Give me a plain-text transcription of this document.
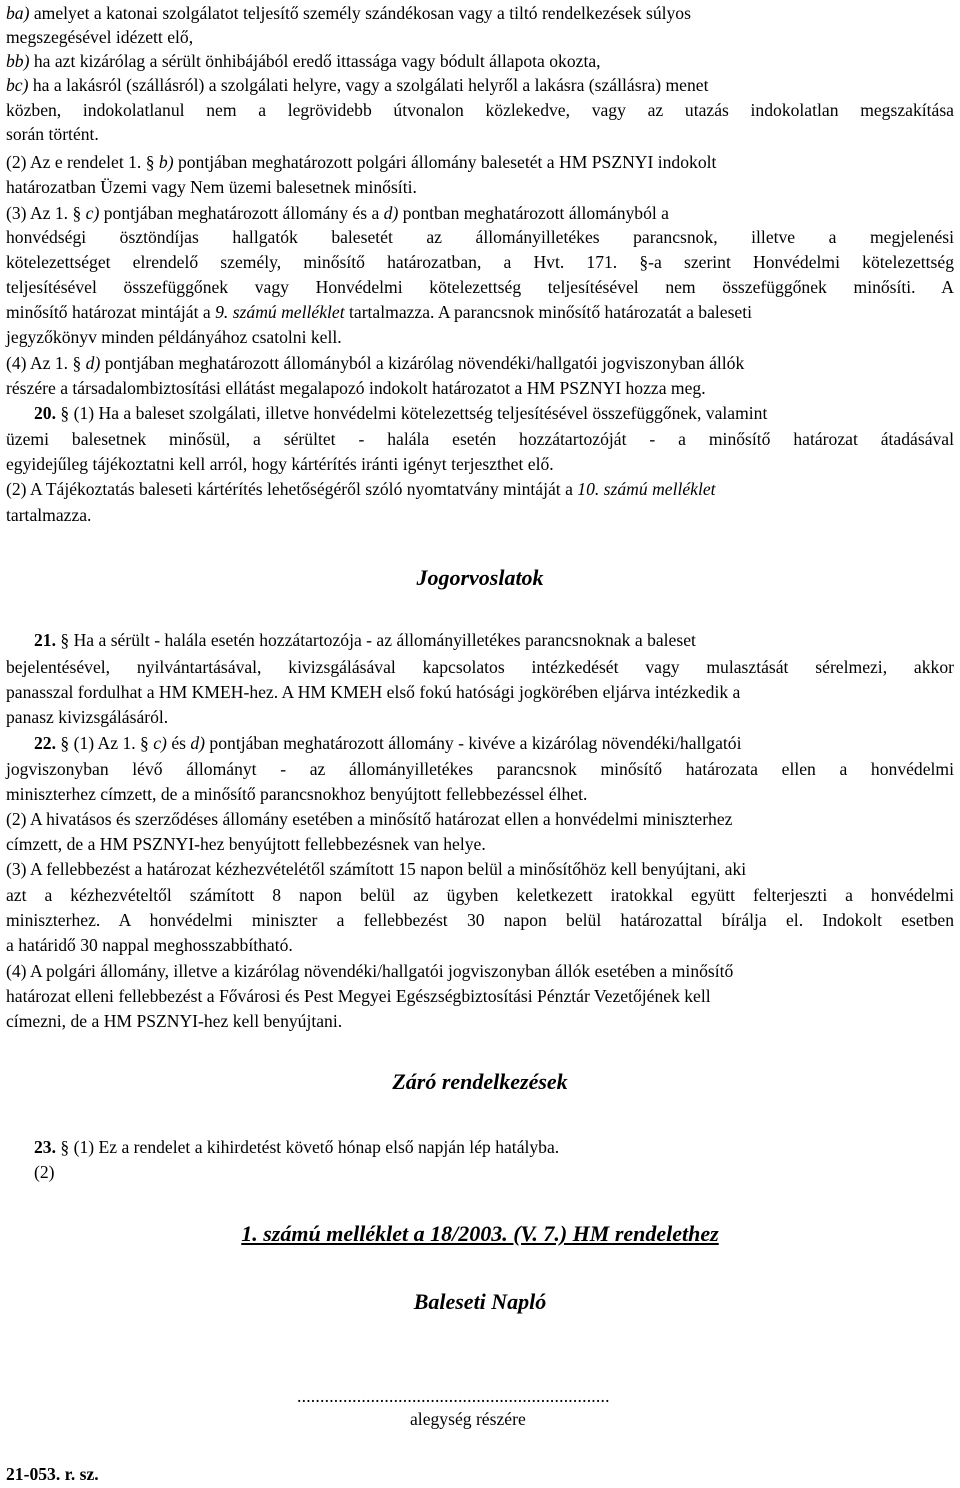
ba) amelyet a katonai szolgálatot teljesítő személy szándékosan vagy a tiltó rendelkezések súlyos

megszegésével idézett elő,

bb) ha azt kizárólag a sérült önhibájából eredő ittassága vagy bódult állapota okozta,

bc) ha a lakásról (szállásról) a szolgálati helyre, vagy a szolgálati helyről a lakásra (szállásra) menet

közben, indokolatlanul nem a legrövidebb útvonalon közlekedve, vagy az utazás indokolatlan megszakítása

során történt.

(2) Az e rendelet 1. § b) pontjában meghatározott polgári állomány balesetét a HM PSZNYI indokolt

határozatban Üzemi vagy Nem üzemi balesetnek minősíti.

(3) Az 1. § c) pontjában meghatározott állomány és a d) pontban meghatározott állományból a

honvédségi ösztöndíjas hallgatók balesetét az állományilletékes parancsnok, illetve a megjelenési

kötelezettséget elrendelő személy, minősítő határozatban, a Hvt. 171. §-a szerint Honvédelmi kötelezettség

teljesítésével összefüggőnek vagy Honvédelmi kötelezettség teljesítésével nem összefüggőnek minősíti. A

minősítő határozat mintáját a 9. számú melléklet tartalmazza. A parancsnok minősítő határozatát a baleseti

jegyzőkönyv minden példányához csatolni kell.

(4) Az 1. § d) pontjában meghatározott állományból a kizárólag növendéki/hallgatói jogviszonyban állók

részére a társadalombiztosítási ellátást megalapozó indokolt határozatot a HM PSZNYI hozza meg.

20. § (1) Ha a baleset szolgálati, illetve honvédelmi kötelezettség teljesítésével összefüggőnek, valamint

üzemi balesetnek minősül, a sérültet - halála esetén hozzátartozóját - a minősítő határozat átadásával

egyidejűleg tájékoztatni kell arról, hogy kártérítés iránti igényt terjeszthet elő.

(2) A Tájékoztatás baleseti kártérítés lehetőségéről szóló nyomtatvány mintáját a 10. számú melléklet

tartalmazza.

Jogorvoslatok

21. § Ha a sérült - halála esetén hozzátartozója - az állományilletékes parancsnoknak a baleset

bejelentésével, nyilvántartásával, kivizsgálásával kapcsolatos intézkedését vagy mulasztását sérelmezi, akkor

panasszal fordulhat a HM KMEH-hez. A HM KMEH első fokú hatósági jogkörében eljárva intézkedik a

panasz kivizsgálásáról.

22. § (1) Az 1. § c) és d) pontjában meghatározott állomány - kivéve a kizárólag növendéki/hallgatói

jogviszonyban lévő állományt - az állományilletékes parancsnok minősítő határozata ellen a honvédelmi

miniszterhez címzett, de a minősítő parancsnokhoz benyújtott fellebbezéssel élhet.

(2) A hivatásos és szerződéses állomány esetében a minősítő határozat ellen a honvédelmi miniszterhez

címzett, de a HM PSZNYI-hez benyújtott fellebbezésnek van helye.

(3) A fellebbezést a határozat kézhezvételétől számított 15 napon belül a minősítőhöz kell benyújtani, aki

azt a kézhezvételtől számított 8 napon belül az ügyben keletkezett iratokkal együtt felterjeszti a honvédelmi

miniszterhez. A honvédelmi miniszter a fellebbezést 30 napon belül határozattal bírálja el. Indokolt esetben

a határidő 30 nappal meghosszabbítható.

(4) A polgári állomány, illetve a kizárólag növendéki/hallgatói jogviszonyban állók esetében a minősítő

határozat elleni fellebbezést a Fővárosi és Pest Megyei Egészségbiztosítási Pénztár Vezetőjének kell

címezni, de a HM PSZNYI-hez kell benyújtani.

Záró rendelkezések

23. § (1) Ez a rendelet a kihirdetést követő hónap első napján lép hatályba.

(2)

1. számú melléklet a 18/2003. (V. 7.) HM rendelethez
Baleseti Napló

....................................................................

alegység részére

21-053. r. sz.
